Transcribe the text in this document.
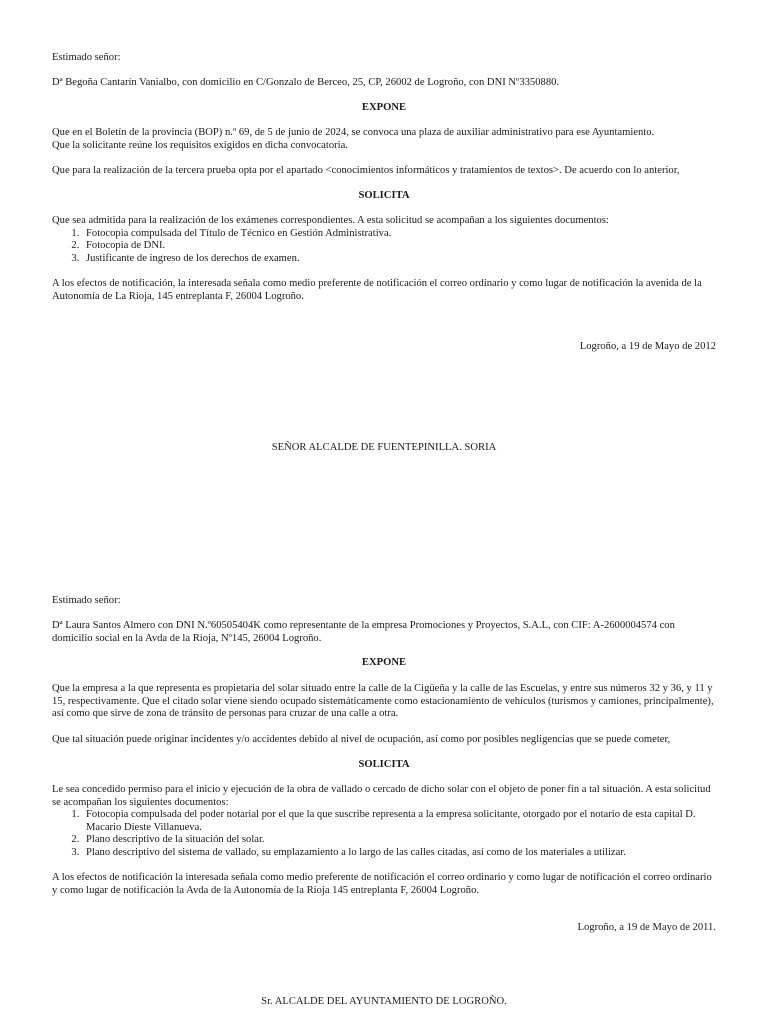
Estimado señor:

Dª Begoña Cantarín Vanialbo, con domicilio en C/Gonzalo de Berceo, 25, CP, 26002 de Logroño, con DNI Nº3350880.

EXPONE

Que en el Boletín de la provincia (BOP) n.º 69, de 5 de junio de 2024, se convoca una plaza de auxiliar administrativo para ese Ayuntamiento.

Que la solicitante reúne los requisitos exigidos en dicha convocatoria.

Que para la realización de la tercera prueba opta por el apartado <conocimientos informáticos y tratamientos de textos>. De acuerdo con lo anterior,

SOLICITA

Que sea admitida para la realización de los exámenes correspondientes. A esta solicitud se acompañan a los siguientes documentos:

1. Fotocopia compulsada del Título de Técnico en Gestión Administrativa.
2. Fotocopia de DNI.
3. Justificante de ingreso de los derechos de examen.

A los efectos de notificación, la interesada señala como medio preferente de notificación el correo ordinario y como lugar de notificación la avenida de la Autonomía de La Rioja, 145 entreplanta F, 26004 Logroño.

Logroño, a 19 de Mayo de 2012

SEÑOR ALCALDE DE FUENTEPINILLA. SORIA

Estimado señor:

Dª Laura Santos Almero con DNI N.º60505404K como representante de la empresa Promociones y Proyectos, S.A.L, con CIF: A-2600004574 con domicilio social en la Avda de la Rioja, Nº145, 26004 Logroño.

EXPONE

Que la empresa a la que representa es propietaria del solar situado entre la calle de la Cigüeña y la calle de las Escuelas, y entre sus números 32 y 36, y 11 y 15, respectivamente. Que el citado solar viene siendo ocupado sistemáticamente como estacionamiento de vehículos (turismos y camiones, principalmente), así como que sirve de zona de tránsito de personas para cruzar de una calle a otra.

Que tal situación puede originar incidentes y/o accidentes debido al nivel de ocupación, así como por posibles negligencias que se puede cometer,

SOLICITA

Le sea concedido permiso para el inicio y ejecución de la obra de vallado o cercado de dicho solar con el objeto de poner fin a tal situación. A esta solicitud se acompañan los siguientes documentos:

1. Fotocopia compulsada del poder notarial por el que la que suscribe representa a la empresa solicitante, otorgado por el notario de esta capital D. Macario Dieste Villanueva.
2. Plano descriptivo de la situación del solar.
3. Plano descriptivo del sistema de vallado, su emplazamiento a lo largo de las calles citadas, así como de los materiales a utilizar.

A los efectos de notificación la interesada señala como medio preferente de notificación el correo ordinario y como lugar de notificación el correo ordinario y como lugar de notificación la Avda de la Autonomía de la Rioja 145 entreplanta F, 26004 Logroño.

Logroño, a 19 de Mayo de 2011.

Sr. ALCALDE DEL AYUNTAMIENTO DE LOGROÑO.
